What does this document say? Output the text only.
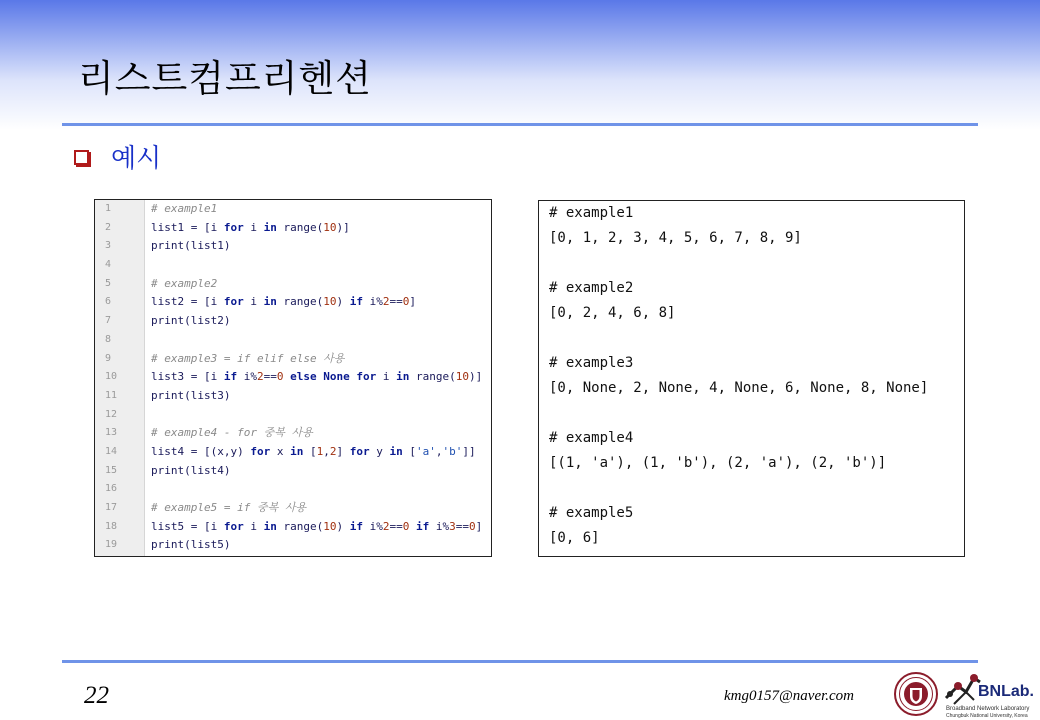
리스트컴프리헨션
예시
1	# example1
2	list1 = [i for i in range(10)]
3	print(list1)
4
5	# example2
6	list2 = [i for i in range(10) if i%2==0]
7	print(list2)
8
9	# example3 = if elif else 사용
10	list3 = [i if i%2==0 else None for i in range(10)]
11	print(list3)
12
13	# example4 - for 중복 사용
14	list4 = [(x,y) for x in [1,2] for y in ['a','b']]
15	print(list4)
16
17	# example5 = if 중복 사용
18	list5 = [i for i in range(10) if i%2==0 if i%3==0]
19	print(list5)
# example1
[0, 1, 2, 3, 4, 5, 6, 7, 8, 9]
# example2
[0, 2, 4, 6, 8]
# example3
[0, None, 2, None, 4, None, 6, None, 8, None]
# example4
[(1, 'a'), (1, 'b'), (2, 'a'), (2, 'b')]
# example5
[0, 6]
22	kmg0157@naver.com	BNLab.
Broadband Network Laboratory
Chungbuk National University, Korea
